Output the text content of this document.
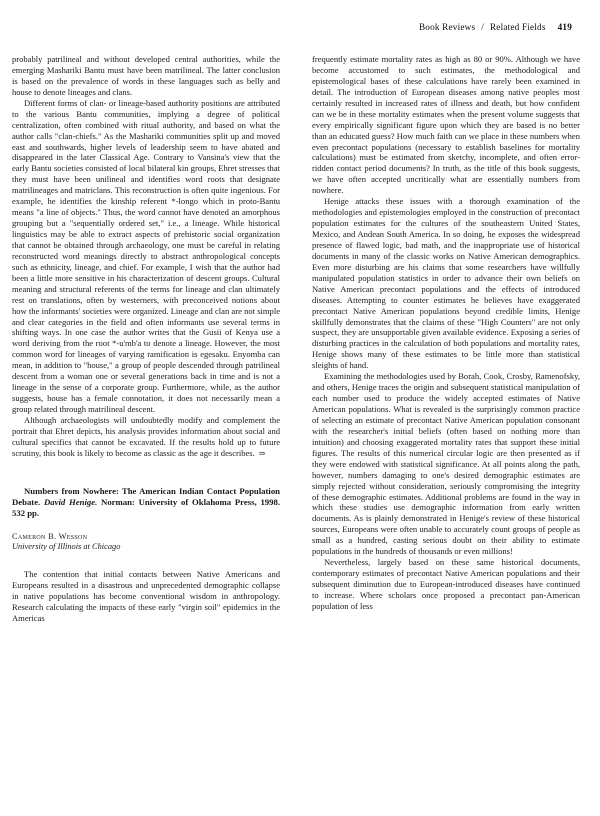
Book Reviews / Related Fields 419

probably patrilineal and without developed central authorities, while the emerging Mashariki Bantu must have been matrilineal. The latter conclusion is based on the prevalence of words in these languages such as belly and house to denote lineages and clans.

Different forms of clan- or lineage-based authority positions are attributed to the various Bantu communities, implying a degree of political centralization, often combined with ritual authority, and based on what the author calls "clan-chiefs." As the Mashariki communities split up and moved east and southwards, higher levels of leadership seem to have abated and disappeared in the later Classical Age. Contrary to Vansina's view that the early Bantu societies consisted of local bilateral kin groups, Ehret stresses that they must have been unilineal and identifies word roots that designate matrilineages and matriclans. This reconstruction is often quite ingenious. For example, he identifies the kinship referent *-longo which in proto-Bantu means "a line of objects." Thus, the word cannot have denoted an amorphous grouping but a "sequentially ordered set," i.e., a lineage. While historical linguistics may be able to extract aspects of prehistoric social organization that cannot be obtained through archaeology, one must be careful in relating reconstructed word meanings directly to abstract anthropological concepts such as ethnicity, lineage, and chief. For example, I wish that the author had been a little more sensitive in his characterization of descent groups. Cultural meaning and structural referents of the terms for lineage and clan ultimately rest on translations, often by westerners, with preconceived notions about how the informants' societies were organized. Lineage and clan are not simple and clear categories in the field and often informants use several terms in shifting ways. In one case the author writes that the Gusii of Kenya use a word deriving from the root *-u'mb'a to denote a lineage. However, the most common word for lineages of varying ramification is egesaku. Enyomba can mean, in addition to "house," a group of people descended through patrilineal descent from a woman one or several generations back in time and is not a lineage in the sense of a corporate group. Furthermore, while, as the author suggests, house has a female connotation, it does not necessarily mean a group related through matrilineal descent.

Although archaeologists will undoubtedly modify and complement the portrait that Ehret depicts, his analysis provides information about social and cultural specifics that cannot be excavated. If the results hold up to future scrutiny, this book is likely to become as classic as the age it describes. ⇒

Numbers from Nowhere: The American Indian Contact Population Debate. David Henige. Norman: University of Oklahoma Press, 1998. 532 pp.

Cameron B. Wesson
University of Illinois at Chicago

The contention that initial contacts between Native Americans and Europeans resulted in a disastrous and unprecedented demographic collapse in native populations has become conventional wisdom in anthropology. Research calculating the impacts of these early "virgin soil" epidemics in the Americas

frequently estimate mortality rates as high as 80 or 90%. Although we have become accustomed to such estimates, the methodological and epistemological bases of these calculations have rarely been examined in detail. The introduction of European diseases among native peoples most certainly resulted in increased rates of illness and death, but how confident can we be in these mortality estimates when the present volume suggests that every empirically significant figure upon which they are based is no better than an educated guess? How much faith can we place in these numbers when even precontact populations (necessary to establish baselines for mortality calculations) must be estimated from sketchy, incomplete, and often error-ridden contact period documents? In truth, as the title of this book suggests, we have often accepted uncritically what are essentially numbers from nowhere.

Henige attacks these issues with a thorough examination of the methodologies and epistemologies employed in the construction of precontact population estimates for the cultures of the southeastern United States, Mexico, and Andean South America. In so doing, he exposes the widespread presence of flawed logic, bad math, and the inappropriate use of historical documents in many of the classic works on Native American demographics. Even more disturbing are his claims that some researchers have willfully manipulated population statistics in order to advance their own beliefs on Native American precontact populations and the effects of introduced diseases. Attempting to counter estimates he believes have exaggerated precontact Native American populations beyond credible limits, Henige skillfully demonstrates that the claims of these "High Counters" are not only suspect, they are unsupportable given available evidence. Exposing a series of disturbing practices in the calculation of both populations and mortality rates, Henige shows many of these estimates to be little more than statistical sleights of hand.

Examining the methodologies used by Borah, Cook, Crosby, Ramenofsky, and others, Henige traces the origin and subsequent statistical manipulation of each number used to produce the widely accepted estimates of Native American populations. What is revealed is the surprisingly common practice of selecting an estimate of precontact Native American population consonant with the researcher's initial beliefs (often based on nothing more than intuition) and choosing exaggerated mortality rates that support these initial figures. The results of this numerical circular logic are then presented as if they were endowed with statistical significance. At all points along the path, however, numbers damaging to one's desired demographic estimates are simply rejected without consideration, seriously compromising the integrity of these demographic estimates. Additional problems are found in the way in which these studies use demographic information from early written documents. As is plainly demonstrated in Henige's review of these historical sources, Europeans were often unable to accurately count groups of people as small as a hundred, casting serious doubt on their ability to estimate populations in the hundreds of thousands or even millions!

Nevertheless, largely based on these same historical documents, contemporary estimates of precontact Native American populations and their subsequent diminution due to European-introduced diseases have continued to increase. Where scholars once proposed a precontact pan-American population of less
